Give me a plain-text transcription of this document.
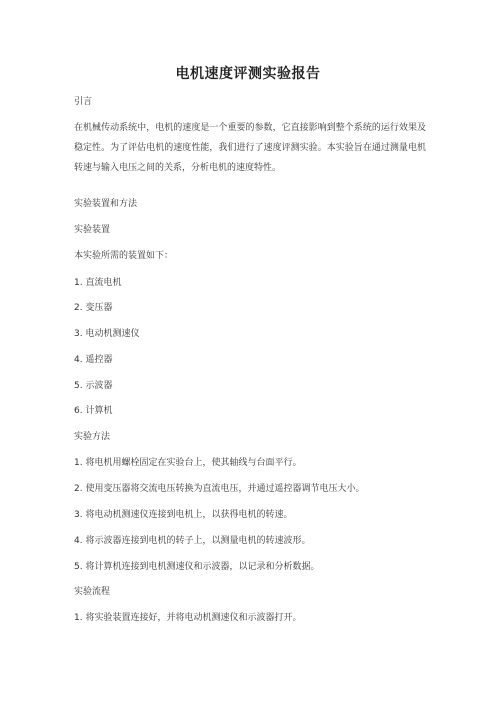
电机速度评测实验报告
引言
在机械传动系统中，电机的速度是一个重要的参数，它直接影响到整个系统的运行效果及稳定性。为了评估电机的速度性能，我们进行了速度评测实验。本实验旨在通过测量电机转速与输入电压之间的关系，分析电机的速度特性。
实验装置和方法
实验装置
本实验所需的装置如下：
1. 直流电机
2. 变压器
3. 电动机测速仪
4. 遥控器
5. 示波器
6. 计算机
实验方法
1. 将电机用螺栓固定在实验台上，使其轴线与台面平行。
2. 使用变压器将交流电压转换为直流电压，并通过遥控器调节电压大小。
3. 将电动机测速仪连接到电机上，以获得电机的转速。
4. 将示波器连接到电机的转子上，以测量电机的转速波形。
5. 将计算机连接到电机测速仪和示波器，以记录和分析数据。
实验流程
1. 将实验装置连接好，并将电动机测速仪和示波器打开。
